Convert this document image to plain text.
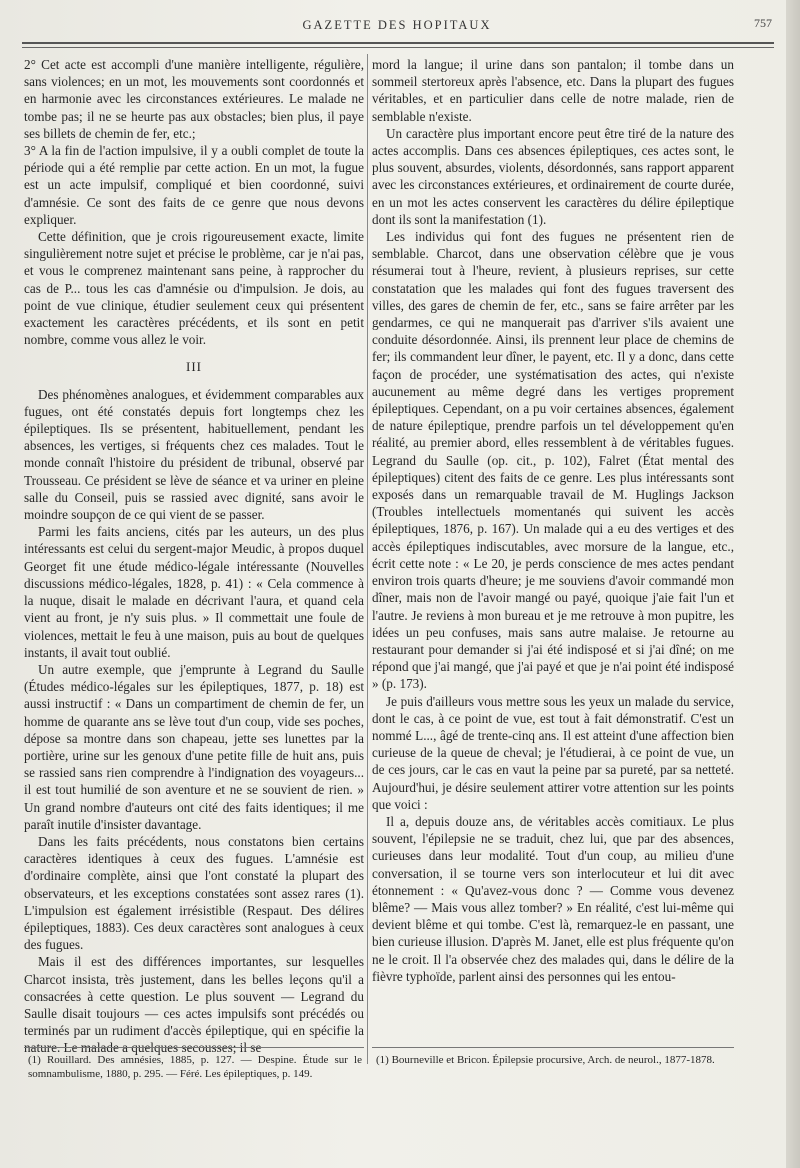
GAZETTE DES HOPITAUX	757

2° Cet acte est accompli d'une manière intelligente, régulière, sans violences; en un mot, les mouvements sont coordonnés et en harmonie avec les circonstances extérieures. Le malade ne tombe pas; il ne se heurte pas aux obstacles; bien plus, il paye ses billets de chemin de fer, etc.;

3° A la fin de l'action impulsive, il y a oubli complet de toute la période qui a été remplie par cette action. En un mot, la fugue est un acte impulsif, compliqué et bien coordonné, suivi d'amnésie. Ce sont des faits de ce genre que nous devons expliquer.

Cette définition, que je crois rigoureusement exacte, limite singulièrement notre sujet et précise le problème, car je n'ai pas, et vous le comprenez maintenant sans peine, à rapprocher du cas de P... tous les cas d'amnésie ou d'impulsion. Je dois, au point de vue clinique, étudier seulement ceux qui présentent exactement les caractères précédents, et ils sont en petit nombre, comme vous allez le voir.

III

Des phénomènes analogues, et évidemment comparables aux fugues, ont été constatés depuis fort longtemps chez les épileptiques. Ils se présentent, habituellement, pendant les absences, les vertiges, si fréquents chez ces malades. Tout le monde connaît l'histoire du président de tribunal, observé par Trousseau. Ce président se lève de séance et va uriner en pleine salle du Conseil, puis se rassied avec dignité, sans avoir le moindre soupçon de ce qui vient de se passer.

Parmi les faits anciens, cités par les auteurs, un des plus intéressants est celui du sergent-major Meudic, à propos duquel Georget fit une étude médico-légale intéressante (Nouvelles discussions médico-légales, 1828, p. 41) : « Cela commence à la nuque, disait le malade en décrivant l'aura, et quand cela vient au front, je n'y suis plus. » Il commettait une foule de violences, mettait le feu à une maison, puis au bout de quelques instants, il avait tout oublié.

Un autre exemple, que j'emprunte à Legrand du Saulle (Études médico-légales sur les épileptiques, 1877, p. 18) est aussi instructif : « Dans un compartiment de chemin de fer, un homme de quarante ans se lève tout d'un coup, vide ses poches, dépose sa montre dans son chapeau, jette ses lunettes par la portière, urine sur les genoux d'une petite fille de huit ans, puis se rassied sans rien comprendre à l'indignation des voyageurs... il est tout humilié de son aventure et ne se souvient de rien. » Un grand nombre d'auteurs ont cité des faits identiques; il me paraît inutile d'insister davantage.

Dans les faits précédents, nous constatons bien certains caractères identiques à ceux des fugues. L'amnésie est d'ordinaire complète, ainsi que l'ont constaté la plupart des observateurs, et les exceptions constatées sont assez rares (1). L'impulsion est également irrésistible (Respaut. Des délires épileptiques, 1883). Ces deux caractères sont analogues à ceux des fugues.

Mais il est des différences importantes, sur lesquelles Charcot insista, très justement, dans les belles leçons qu'il a consacrées à cette question. Le plus souvent — Legrand du Saulle disait toujours — ces actes impulsifs sont précédés ou terminés par un rudiment d'accès épileptique, qui en spécifie la nature. Le malade a quelques secousses; il se

mord la langue; il urine dans son pantalon; il tombe dans un sommeil stertoreux après l'absence, etc. Dans la plupart des fugues véritables, et en particulier dans celle de notre malade, rien de semblable n'existe.

Un caractère plus important encore peut être tiré de la nature des actes accomplis. Dans ces absences épileptiques, ces actes sont, le plus souvent, absurdes, violents, désordonnés, sans rapport apparent avec les circonstances extérieures, et ordinairement de courte durée, en un mot les actes conservent les caractères du délire épileptique dont ils sont la manifestation (1).

Les individus qui font des fugues ne présentent rien de semblable. Charcot, dans une observation célèbre que je vous résumerai tout à l'heure, revient, à plusieurs reprises, sur cette constatation que les malades qui font des fugues traversent des villes, des gares de chemin de fer, etc., sans se faire arrêter par les gendarmes, ce qui ne manquerait pas d'arriver s'ils avaient une conduite désordonnée. Ainsi, ils prennent leur place de chemins de fer; ils commandent leur dîner, le payent, etc. Il y a donc, dans cette façon de procéder, une systématisation des actes, qui n'existe aucunement au même degré dans les vertiges proprement épileptiques. Cependant, on a pu voir certaines absences, également de nature épileptique, prendre parfois un tel développement qu'en réalité, au premier abord, elles ressemblent à de véritables fugues. Legrand du Saulle (op. cit., p. 102), Falret (État mental des épileptiques) citent des faits de ce genre. Les plus intéressants sont exposés dans un remarquable travail de M. Huglings Jackson (Troubles intellectuels momentanés qui suivent les accès épileptiques, 1876, p. 167). Un malade qui a eu des vertiges et des accès épileptiques indiscutables, avec morsure de la langue, etc., écrit cette note : « Le 20, je perds conscience de mes actes pendant environ trois quarts d'heure; je me souviens d'avoir commandé mon dîner, mais non de l'avoir mangé ou payé, quoique j'aie fait l'un et l'autre. Je reviens à mon bureau et je me retrouve à mon pupitre, les idées un peu confuses, mais sans autre malaise. Je retourne au restaurant pour demander si j'ai été indisposé et si j'ai dîné; on me répond que j'ai mangé, que j'ai payé et que je n'ai point été indisposé » (p. 173).

Je puis d'ailleurs vous mettre sous les yeux un malade du service, dont le cas, à ce point de vue, est tout à fait démonstratif. C'est un nommé L..., âgé de trente-cinq ans. Il est atteint d'une affection bien curieuse de la queue de cheval; je l'étudierai, à ce point de vue, un de ces jours, car le cas en vaut la peine par sa pureté, par sa netteté. Aujourd'hui, je désire seulement attirer votre attention sur les points que voici :

Il a, depuis douze ans, de véritables accès comitiaux. Le plus souvent, l'épilepsie ne se traduit, chez lui, que par des absences, curieuses dans leur modalité. Tout d'un coup, au milieu d'une conversation, il se tourne vers son interlocuteur et lui dit avec étonnement : « Qu'avez-vous donc ? — Comme vous devenez blême? — Mais vous allez tomber? » En réalité, c'est lui-même qui devient blême et qui tombe. C'est là, remarquez-le en passant, une bien curieuse illusion. D'après M. Janet, elle est plus fréquente qu'on ne le croit. Il l'a observée chez des malades qui, dans le délire de la fièvre typhoïde, parlent ainsi des personnes qui les entou-

(1) Rouillard. Des amnésies, 1885, p. 127. — Despine. Étude sur le somnambulisme, 1880, p. 295. — Féré. Les épileptiques, p. 149.
(1) Bourneville et Bricon. Épilepsie procursive, Arch. de neurol., 1877-1878.
